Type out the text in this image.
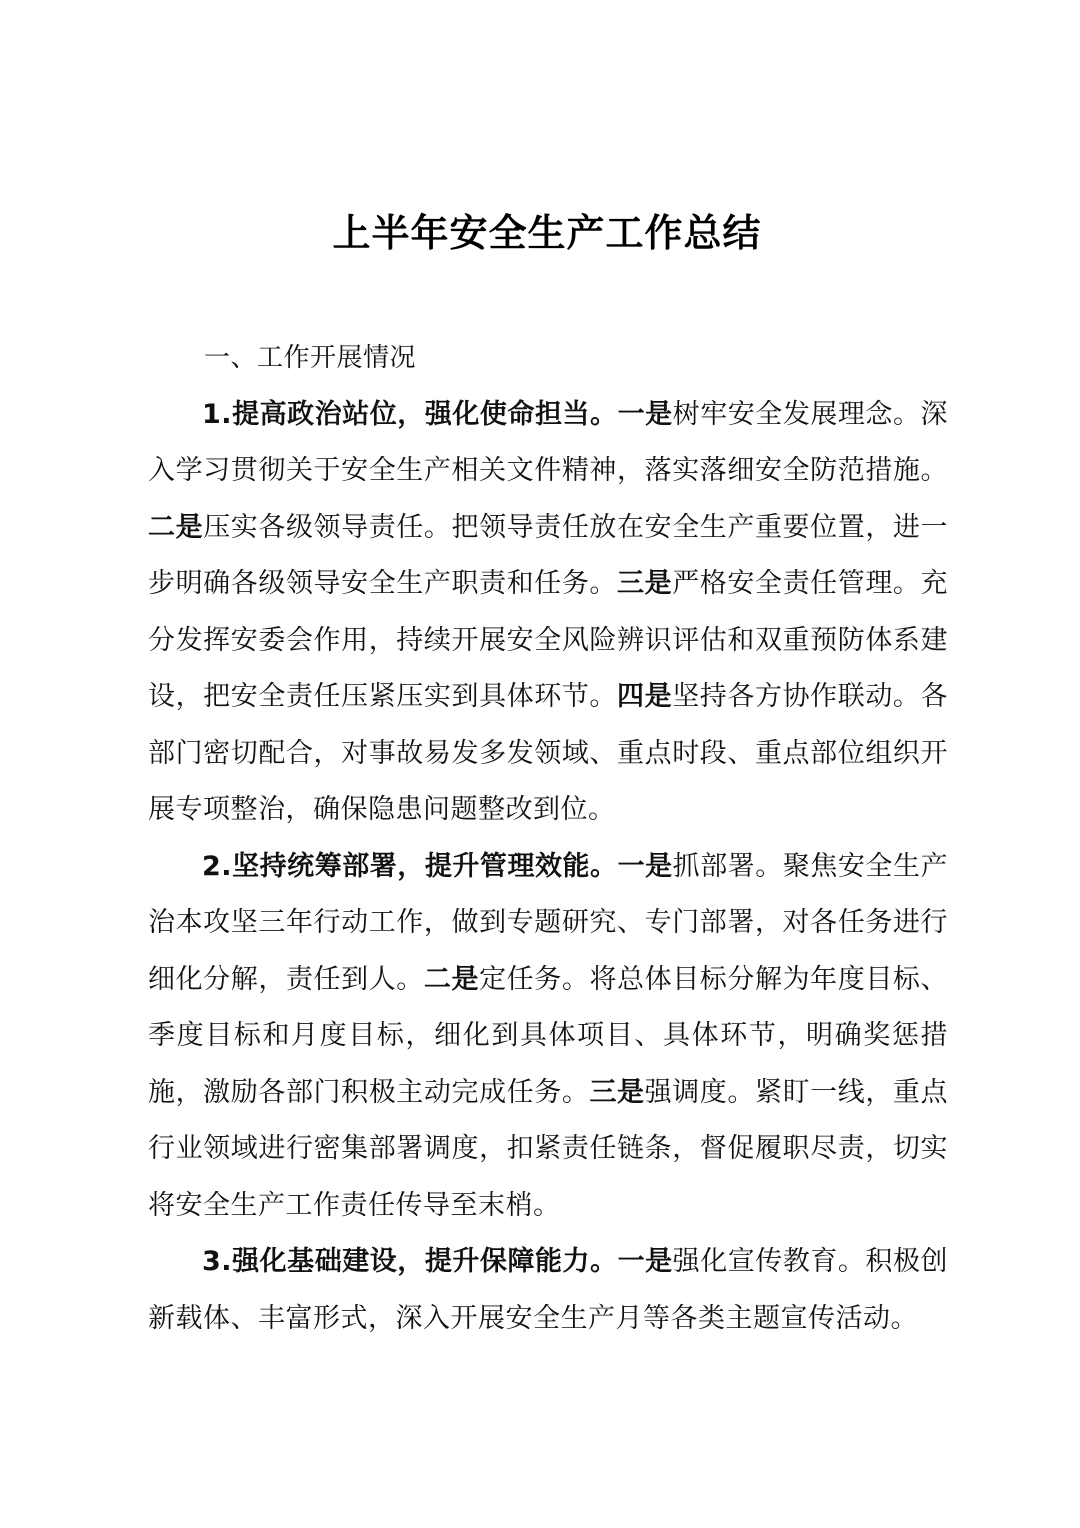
上半年安全生产工作总结

一、工作开展情况

1.提高政治站位，强化使命担当。一是树牢安全发展理念。深入学习贯彻关于安全生产相关文件精神，落实落细安全防范措施。二是压实各级领导责任。把领导责任放在安全生产重要位置，进一步明确各级领导安全生产职责和任务。三是严格安全责任管理。充分发挥安委会作用，持续开展安全风险辨识评估和双重预防体系建设，把安全责任压紧压实到具体环节。四是坚持各方协作联动。各部门密切配合，对事故易发多发领域、重点时段、重点部位组织开展专项整治，确保隐患问题整改到位。

2.坚持统筹部署，提升管理效能。一是抓部署。聚焦安全生产治本攻坚三年行动工作，做到专题研究、专门部署，对各任务进行细化分解，责任到人。二是定任务。将总体目标分解为年度目标、季度目标和月度目标，细化到具体项目、具体环节，明确奖惩措施，激励各部门积极主动完成任务。三是强调度。紧盯一线，重点行业领域进行密集部署调度，扣紧责任链条，督促履职尽责，切实将安全生产工作责任传导至末梢。

3.强化基础建设，提升保障能力。一是强化宣传教育。积极创新载体、丰富形式，深入开展安全生产月等各类主题宣传活动。
